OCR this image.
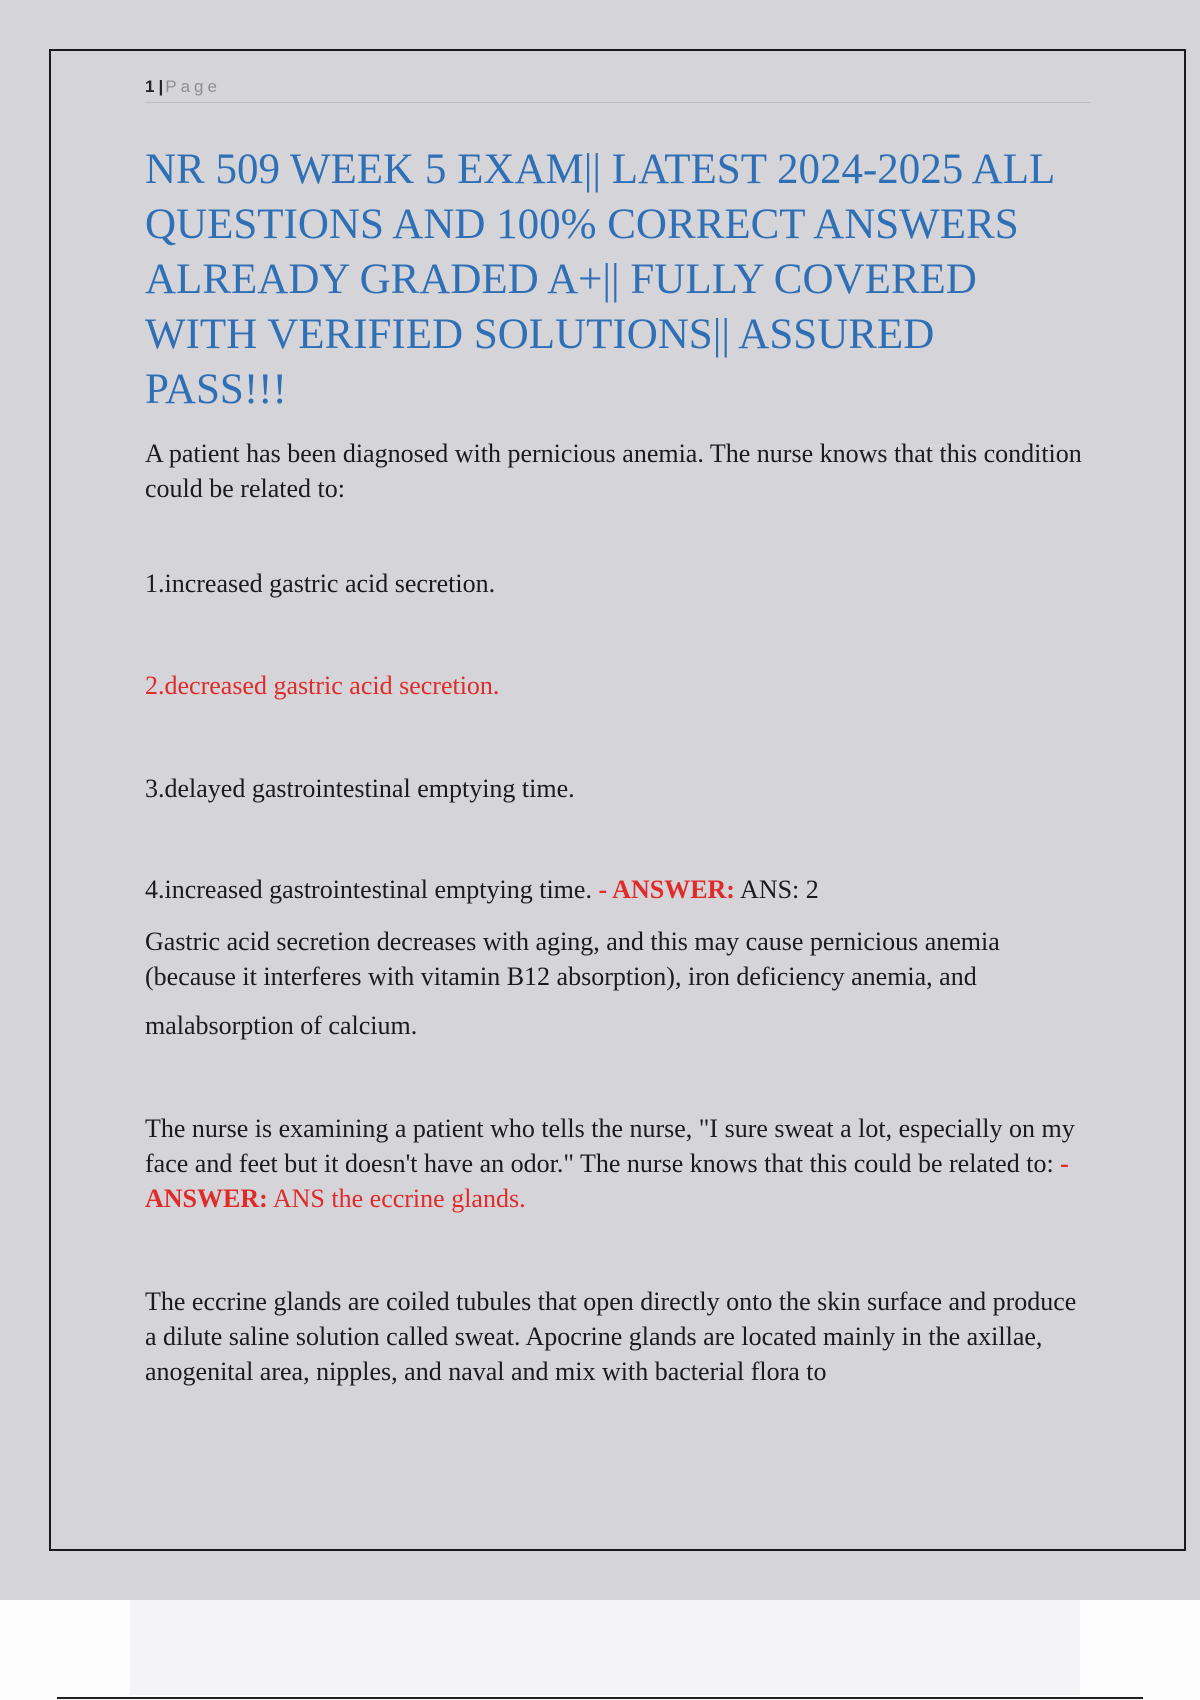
1 | Page
NR 509 WEEK 5 EXAM|| LATEST 2024-2025 ALL QUESTIONS AND 100% CORRECT ANSWERS ALREADY GRADED A+|| FULLY COVERED WITH VERIFIED SOLUTIONS|| ASSURED PASS!!!

A patient has been diagnosed with pernicious anemia. The nurse knows that this condition could be related to:

1.increased gastric acid secretion.

2.decreased gastric acid secretion.

3.delayed gastrointestinal emptying time.

4.increased gastrointestinal emptying time. - ANSWER: ANS: 2

Gastric acid secretion decreases with aging, and this may cause pernicious anemia (because it interferes with vitamin B12 absorption), iron deficiency anemia, and

malabsorption of calcium.

The nurse is examining a patient who tells the nurse, "I sure sweat a lot, especially on my face and feet but it doesn't have an odor." The nurse knows that this could be related to: - ANSWER: ANS the eccrine glands.

The eccrine glands are coiled tubules that open directly onto the skin surface and produce a dilute saline solution called sweat. Apocrine glands are located mainly in the axillae, anogenital area, nipples, and naval and mix with bacterial flora to
